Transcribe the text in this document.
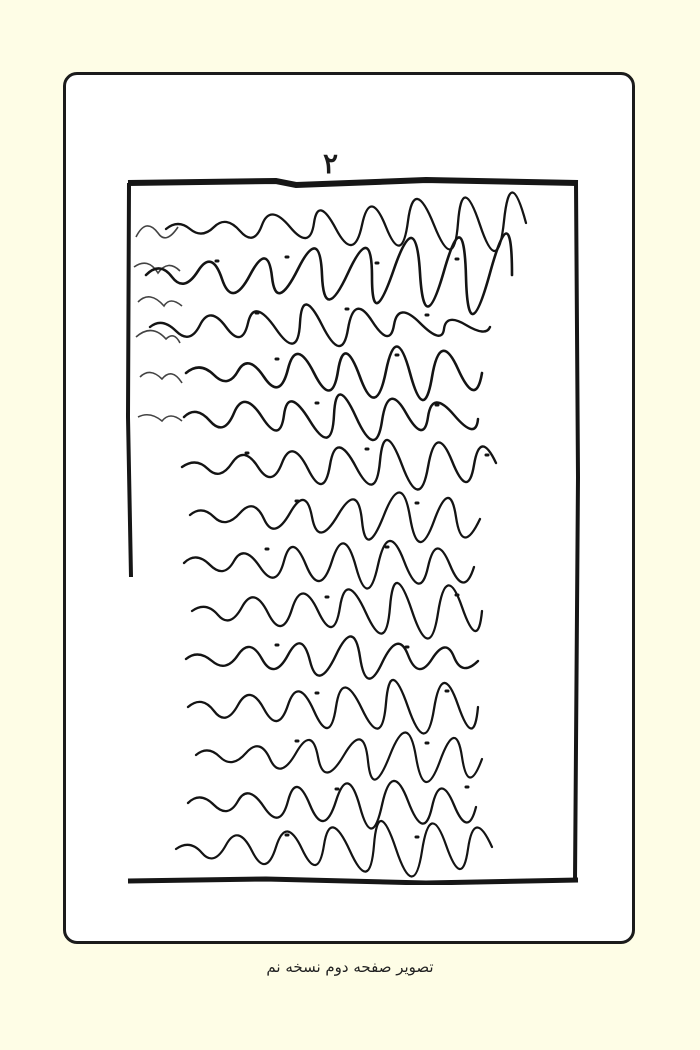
٢
تصویر صفحه دوم نسخه نم
